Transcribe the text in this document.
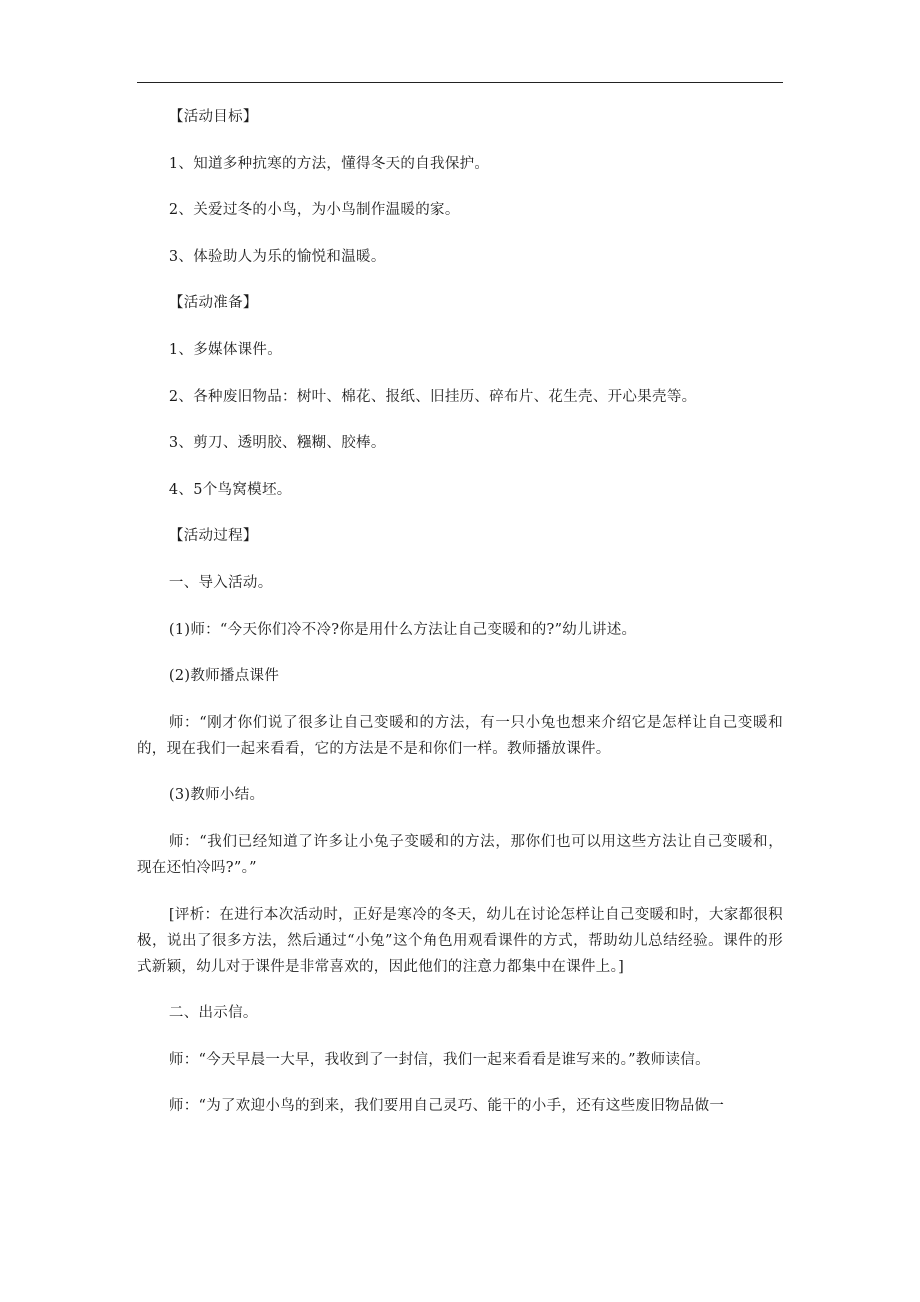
【活动目标】

1、知道多种抗寒的方法，懂得冬天的自我保护。

2、关爱过冬的小鸟，为小鸟制作温暖的家。

3、体验助人为乐的愉悦和温暖。

【活动准备】

1、多媒体课件。

2、各种废旧物品：树叶、棉花、报纸、旧挂历、碎布片、花生壳、开心果壳等。

3、剪刀、透明胶、糨糊、胶棒。

4、5个鸟窝模坯。

【活动过程】

一、导入活动。

(1)师：“今天你们冷不冷?你是用什么方法让自己变暖和的?”幼儿讲述。

(2)教师播点课件

师：“刚才你们说了很多让自己变暖和的方法，有一只小兔也想来介绍它是怎样让自己变暖和的，现在我们一起来看看，它的方法是不是和你们一样。教师播放课件。

(3)教师小结。

师：“我们已经知道了许多让小兔子变暖和的方法，那你们也可以用这些方法让自己变暖和，现在还怕冷吗?”。”

[评析：在进行本次活动时，正好是寒冷的冬天，幼儿在讨论怎样让自己变暖和时，大家都很积极，说出了很多方法，然后通过“小兔”这个角色用观看课件的方式，帮助幼儿总结经验。课件的形式新颖，幼儿对于课件是非常喜欢的，因此他们的注意力都集中在课件上。]

二、出示信。

师：“今天早晨一大早，我收到了一封信，我们一起来看看是谁写来的。”教师读信。

师：“为了欢迎小鸟的到来，我们要用自己灵巧、能干的小手，还有这些废旧物品做一
